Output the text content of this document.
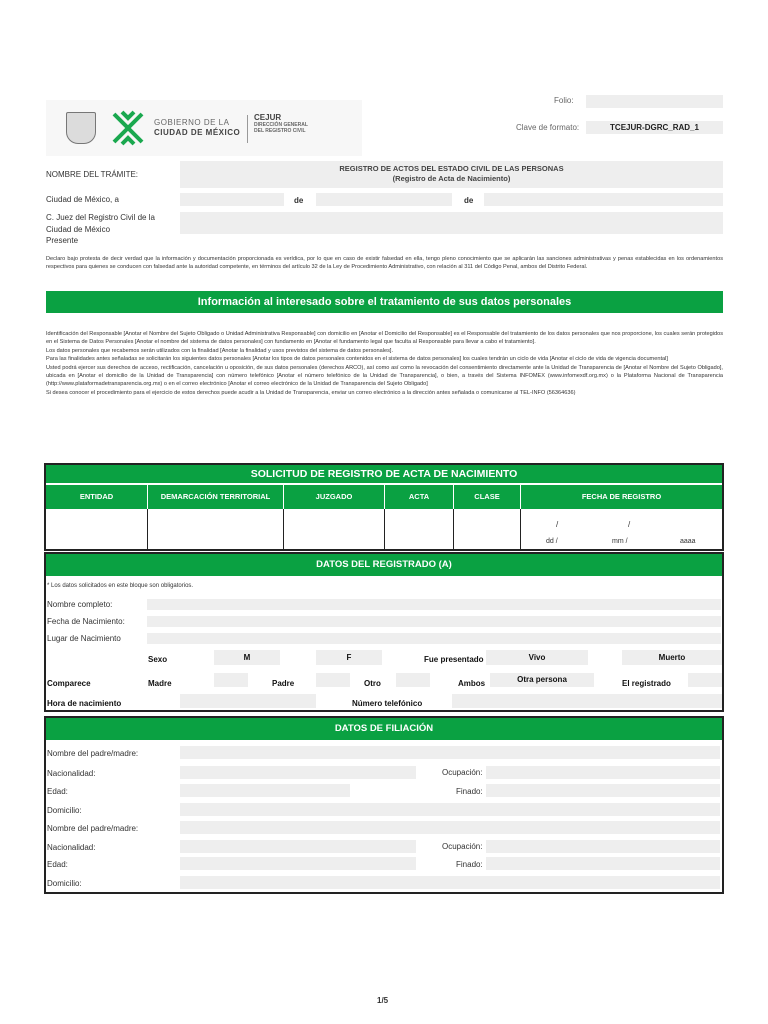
GOBIERNO DE LA
CIUDAD DE MÉXICO
CEJUR
DIRECCIÓN GENERAL
DEL REGISTRO CIVIL
Folio:
Clave de formato:	TCEJUR-DGRC_RAD_1
NOMBRE DEL TRÁMITE:
REGISTRO DE ACTOS DEL ESTADO CIVIL DE LAS PERSONAS
(Registro de Acta de Nacimiento)
Ciudad de México, a	de	de
C. Juez del Registro Civil de la
Ciudad de México
Presente
Declaro bajo protesta de decir verdad que la información y documentación proporcionada es verídica, por lo que en caso de existir falsedad en ella, tengo pleno conocimiento que se aplicarán las sanciones administrativas y penas establecidas en los ordenamientos respectivos para quienes se conducen con falsedad ante la autoridad competente, en términos del artículo 32 de la Ley de Procedimiento Administrativo, con relación al 311 del Código Penal, ambos del Distrito Federal.
Información al interesado sobre el tratamiento de sus datos personales
Identificación del Responsable [Anotar el Nombre del Sujeto Obligado o Unidad Administrativa Responsable] con domicilio en [Anotar el Domicilio del Responsable] es el Responsable del tratamiento de los datos personales que nos proporcione, los cuales serán protegidos en el Sistema de Datos Personales [Anotar el nombre del sistema de datos personales] con fundamento en [Anotar el fundamento legal que faculta al Responsable para llevar a cabo el tratamiento].
Los datos personales que recabemos serán utilizados con la finalidad [Anotar la finalidad y usos previstos del sistema de datos personales].
Para las finalidades antes señaladas se solicitarán los siguientes datos personales [Anotar los tipos de datos personales contenidos en el sistema de datos personales] los cuales tendrán un ciclo de vida [Anotar el ciclo de vida de vigencia documental]
Usted podrá ejercer sus derechos de acceso, rectificación, cancelación u oposición, de sus datos personales (derechos ARCO), así como así como la revocación del consentimiento directamente ante la Unidad de Transparencia de [Anotar el Nombre del Sujeto Obligado], ubicada en [Anotar el domicilio de la Unidad de Transparencia] con número telefónico [Anotar el número telefónico de la Unidad de Transparencia], o bien, a través del Sistema INFOMEX (www.infomexdf.org.mx) o la Plataforma Nacional de Transparencia (http://www.plataformadetransparencia.org.mx) o en el correo electrónico [Anotar el correo electrónico de la Unidad de Transparencia del Sujeto Obligado]
Si desea conocer el procedimiento para el ejercicio de estos derechos puede acudir a la Unidad de Transparencia, enviar un correo electrónico a la dirección antes señalada o comunicarse al TEL-INFO (56364636)
SOLICITUD DE REGISTRO DE ACTA DE NACIMIENTO
ENTIDAD	DEMARCACIÓN TERRITORIAL	JUZGADO	ACTA	CLASE	FECHA DE REGISTRO
/	/
dd /	mm /	aaaa
DATOS DEL REGISTRADO (A)
* Los datos solicitados en este bloque son obligatorios.
Nombre completo:
Fecha de Nacimiento:
Lugar de Nacimiento
Sexo	M	F	Fue presentado	Vivo	Muerto
Comparece	Madre	Padre	Otro	Ambos	Otra persona	El registrado
Hora de nacimiento	Número telefónico
DATOS DE FILIACIÓN
Nombre del padre/madre:
Nacionalidad:	Ocupación:
Edad:	Finado:
Domicilio:
Nombre del padre/madre:
Nacionalidad:	Ocupación:
Edad:	Finado:
Domicilio:
1/5
